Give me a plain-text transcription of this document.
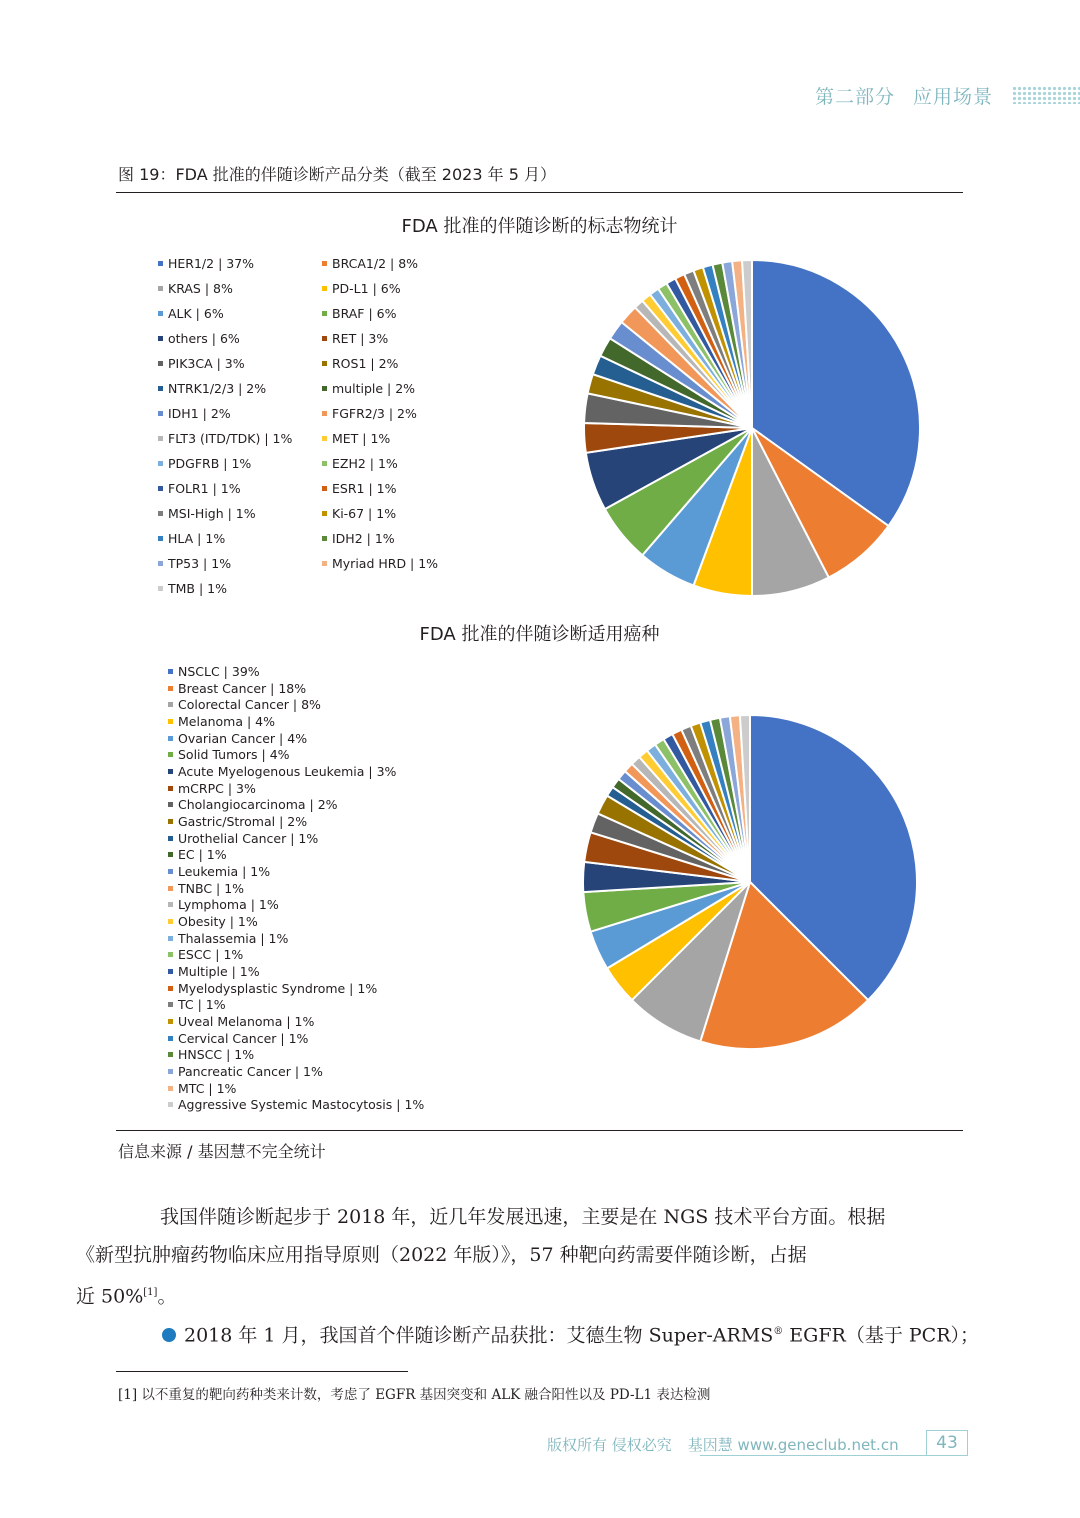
第二部分 应用场景
图 19：FDA 批准的伴随诊断产品分类（截至 2023 年 5 月）
FDA 批准的伴随诊断的标志物统计
HER1/2 | 37%	BRCA1/2 | 8%
KRAS | 8%	PD-L1 | 6%
ALK | 6%	BRAF | 6%
others | 6%	RET | 3%
PIK3CA | 3%	ROS1 | 2%
NTRK1/2/3 | 2%	multiple | 2%
IDH1 | 2%	FGFR2/3 | 2%
FLT3 (ITD/TDK) | 1%	MET | 1%
PDGFRB | 1%	EZH2 | 1%
FOLR1 | 1%	ESR1 | 1%
MSI-High | 1%	Ki-67 | 1%
HLA | 1%	IDH2 | 1%
TP53 | 1%	Myriad HRD | 1%
TMB | 1%
FDA 批准的伴随诊断适用癌种
NSCLC | 39%
Breast Cancer | 18%
Colorectal Cancer | 8%
Melanoma | 4%
Ovarian Cancer | 4%
Solid Tumors | 4%
Acute Myelogenous Leukemia | 3%
mCRPC | 3%
Cholangiocarcinoma | 2%
Gastric/Stromal | 2%
Urothelial Cancer | 1%
EC | 1%
Leukemia | 1%
TNBC | 1%
Lymphoma | 1%
Obesity | 1%
Thalassemia | 1%
ESCC | 1%
Multiple | 1%
Myelodysplastic Syndrome | 1%
TC | 1%
Uveal Melanoma | 1%
Cervical Cancer | 1%
HNSCC | 1%
Pancreatic Cancer | 1%
MTC | 1%
Aggressive Systemic Mastocytosis | 1%
信息来源 / 基因慧不完全统计
我国伴随诊断起步于 2018 年，近几年发展迅速，主要是在 NGS 技术平台方面。根据
《新型抗肿瘤药物临床应用指导原则（2022 年版）》，57 种靶向药需要伴随诊断，占据
近 50%[1]。
2018 年 1 月，我国首个伴随诊断产品获批：艾德生物 Super-ARMS® EGFR（基于 PCR）；
[1] 以不重复的靶向药种类来计数，考虑了 EGFR 基因突变和 ALK 融合阳性以及 PD-L1 表达检测
版权所有 侵权必究 基因慧 www.geneclub.net.cn	43
